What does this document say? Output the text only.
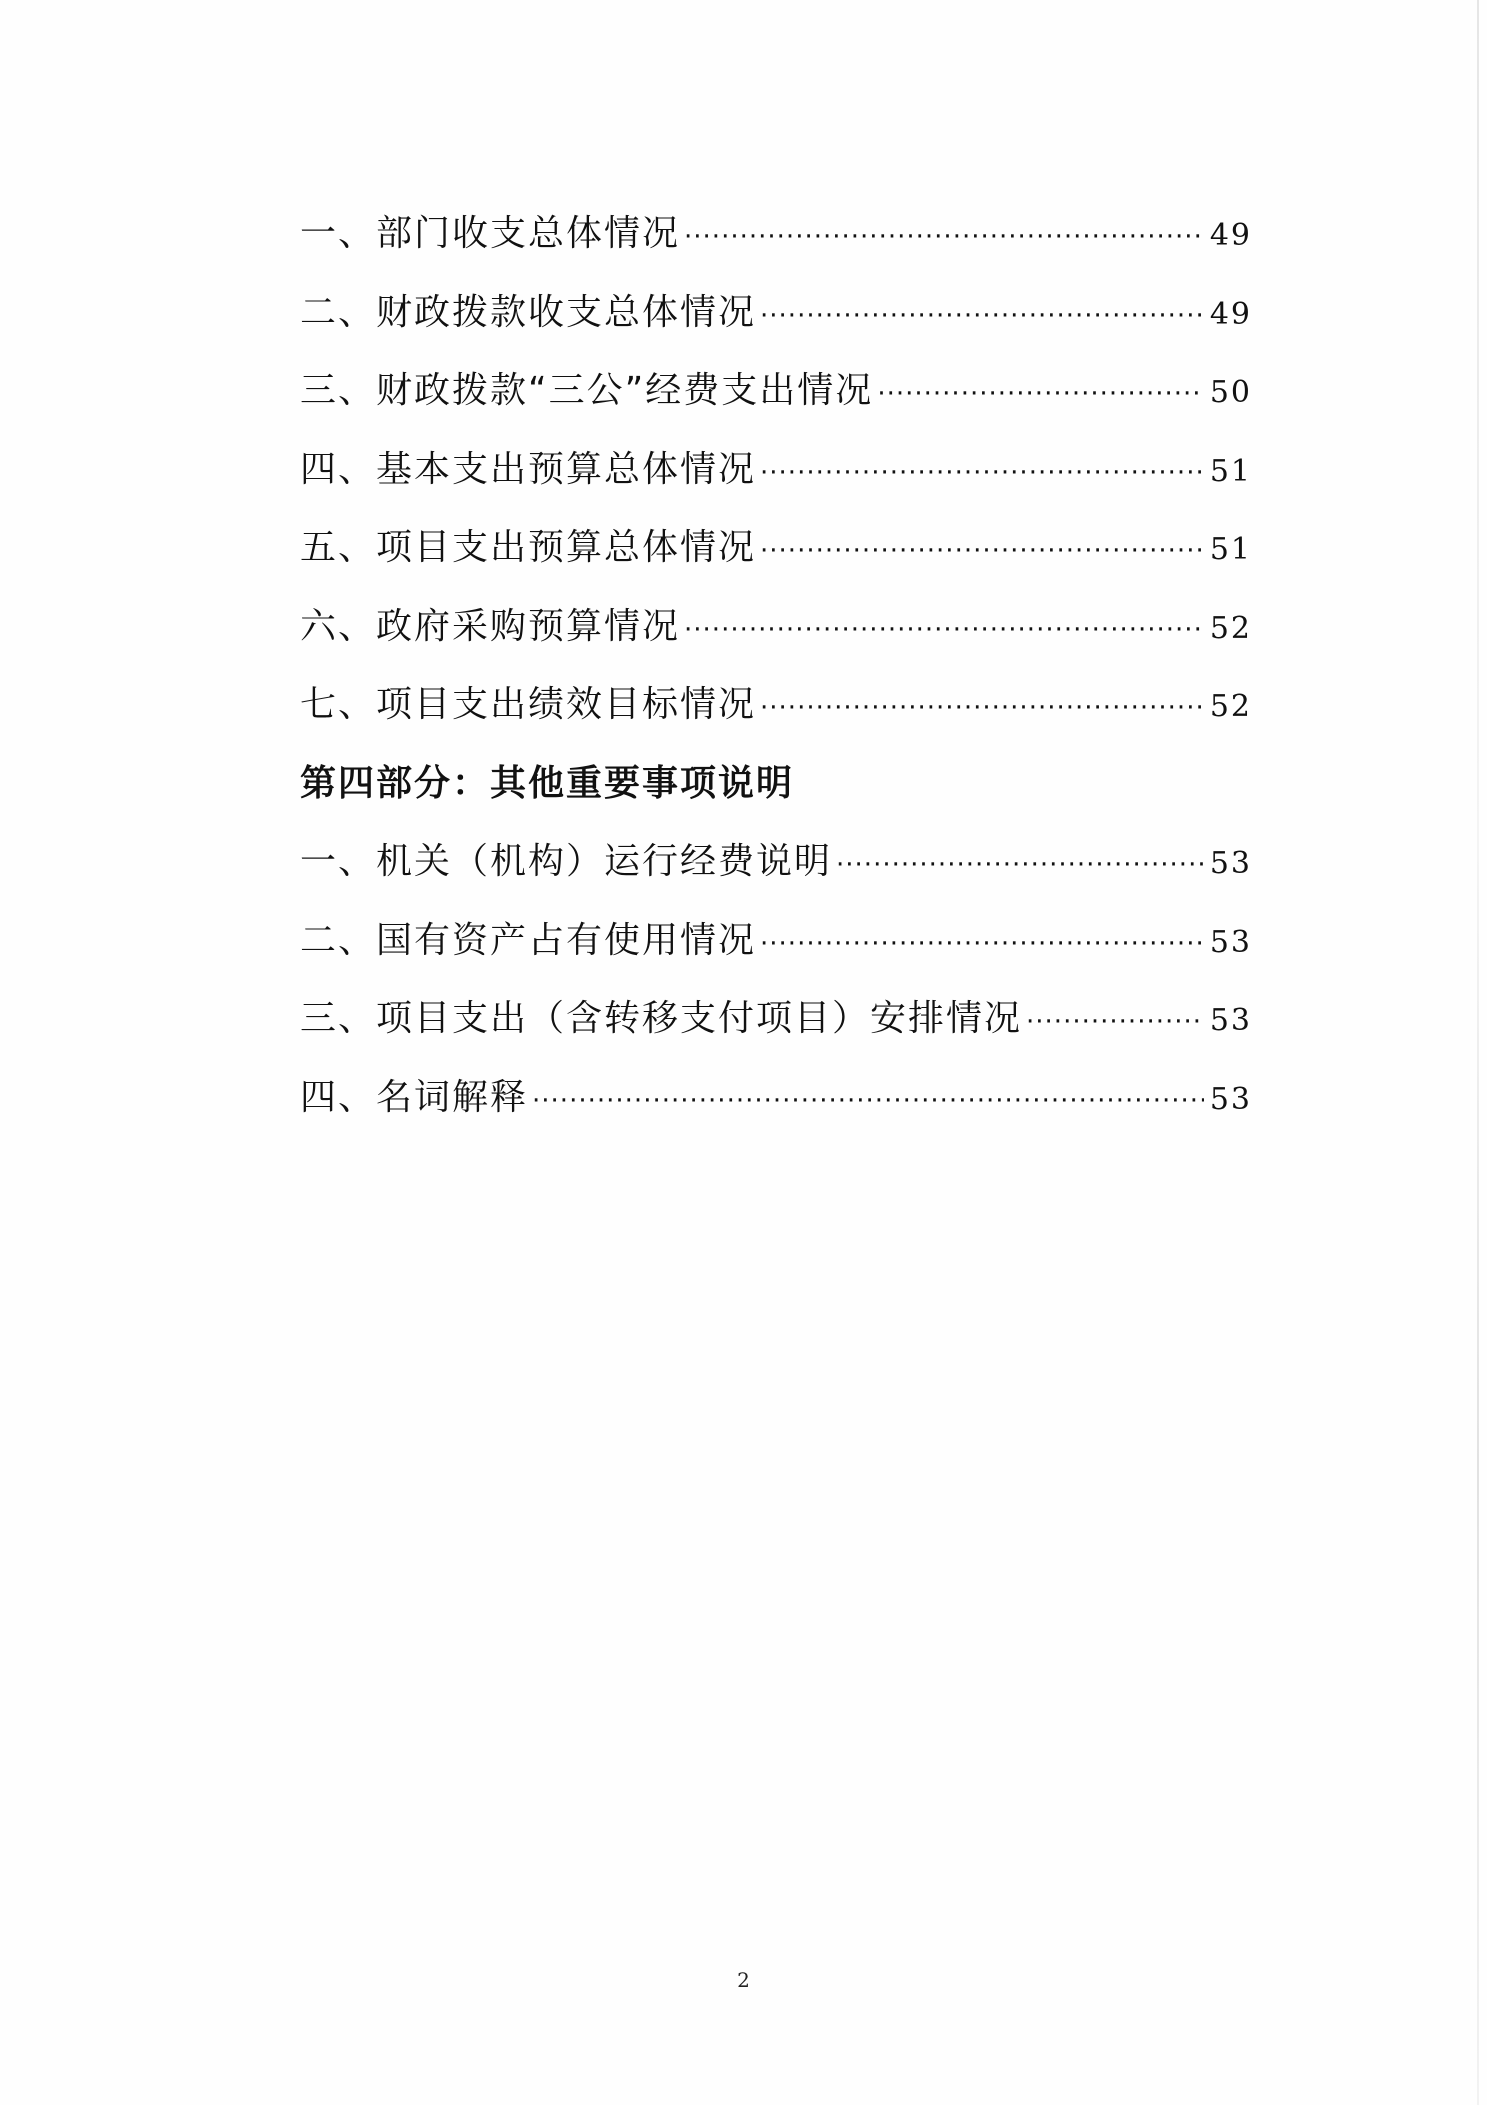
一、部门收支总体情况 ·····	49
二、财政拨款收支总体情况 ·····	49
三、财政拨款“三公”经费支出情况 ·····	50
四、基本支出预算总体情况 ·····	51
五、项目支出预算总体情况 ·····	51
六、政府采购预算情况 ·····	52
七、项目支出绩效目标情况 ·····	52
第四部分：其他重要事项说明
一、机关（机构）运行经费说明 ·····	53
二、国有资产占有使用情况 ·····	53
三、项目支出（含转移支付项目）安排情况 ·····	53
四、名词解释 ·····	53
2
